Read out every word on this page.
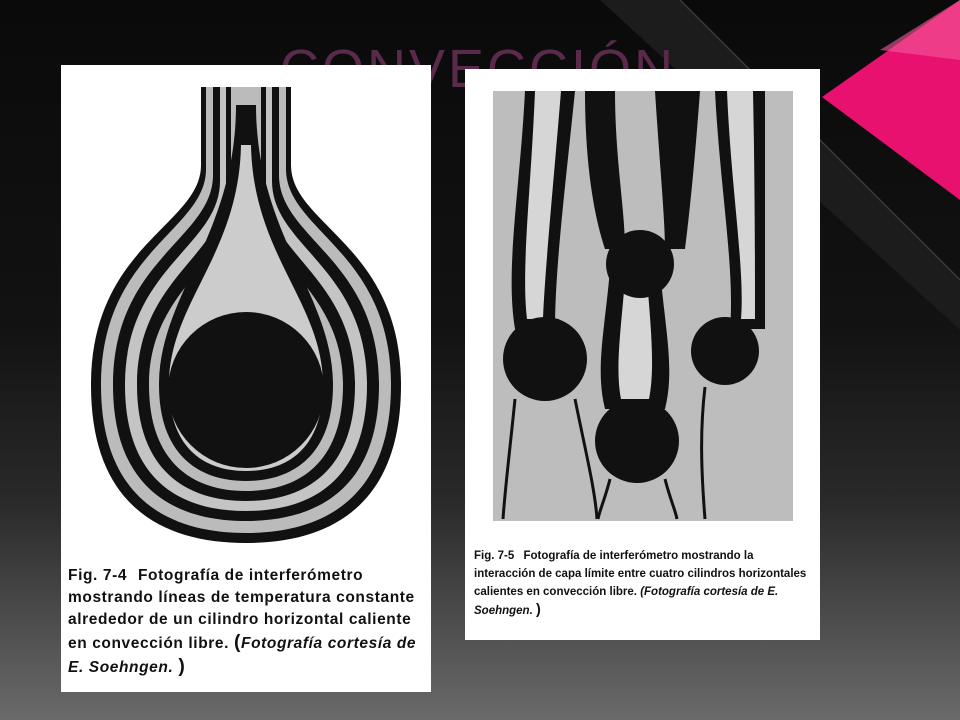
Fig. 7-4 Fotografía de interferómetro mostrando líneas de temperatura constante alrededor de un cilindro horizontal caliente en convección libre. (Fotografía cortesía de E. Soehngen. )

Fig. 7-5 Fotografía de interferómetro mostrando la interacción de capa límite entre cuatro cilindros horizontales calientes en convección libre. (Fotografía cortesía de E. Soehngen. )
